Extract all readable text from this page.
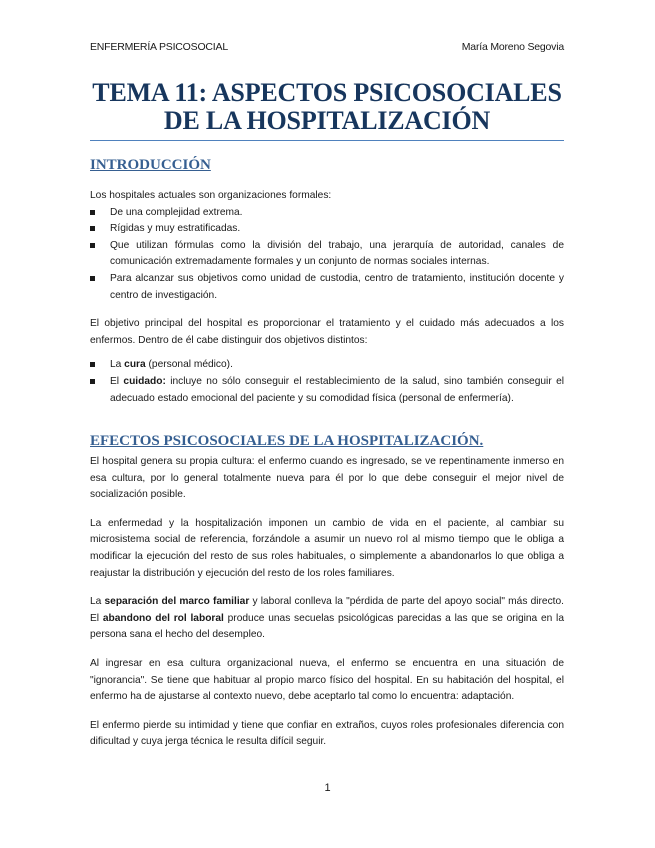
ENFERMERÍA PSICOSOCIAL	María Moreno Segovia
TEMA 11: ASPECTOS PSICOSOCIALES
DE LA HOSPITALIZACIÓN
INTRODUCCIÓN

Los hospitales actuales son organizaciones formales:

De una complejidad extrema.
Rígidas y muy estratificadas.
Que utilizan fórmulas como la división del trabajo, una jerarquía de autoridad, canales de comunicación extremadamente formales y un conjunto de normas sociales internas.
Para alcanzar sus objetivos como unidad de custodia, centro de tratamiento, institución docente y centro de investigación.

El objetivo principal del hospital es proporcionar el tratamiento y el cuidado más adecuados a los enfermos. Dentro de él cabe distinguir dos objetivos distintos:

La cura (personal médico).
El cuidado: incluye no sólo conseguir el restablecimiento de la salud, sino también conseguir el adecuado estado emocional del paciente y su comodidad física (personal de enfermería).
EFECTOS PSICOSOCIALES DE LA HOSPITALIZACIÓN.

El hospital genera su propia cultura: el enfermo cuando es ingresado, se ve repentinamente inmerso en esa cultura, por lo general totalmente nueva para él por lo que debe conseguir el mejor nivel de socialización posible.

La enfermedad y la hospitalización imponen un cambio de vida en el paciente, al cambiar su microsistema social de referencia, forzándole a asumir un nuevo rol al mismo tiempo que le obliga a modificar la ejecución del resto de sus roles habituales, o simplemente a abandonarlos lo que obliga a reajustar la distribución y ejecución del resto de los roles familiares.

La separación del marco familiar y laboral conlleva la "pérdida de parte del apoyo social" más directo. El abandono del rol laboral produce unas secuelas psicológicas parecidas a las que se origina en la persona sana el hecho del desempleo.

Al ingresar en esa cultura organizacional nueva, el enfermo se encuentra en una situación de "ignorancia". Se tiene que habituar al propio marco físico del hospital. En su habitación del hospital, el enfermo ha de ajustarse al contexto nuevo, debe aceptarlo tal como lo encuentra: adaptación.

El enfermo pierde su intimidad y tiene que confiar en extraños, cuyos roles profesionales diferencia con dificultad y cuya jerga técnica le resulta difícil seguir.

1
